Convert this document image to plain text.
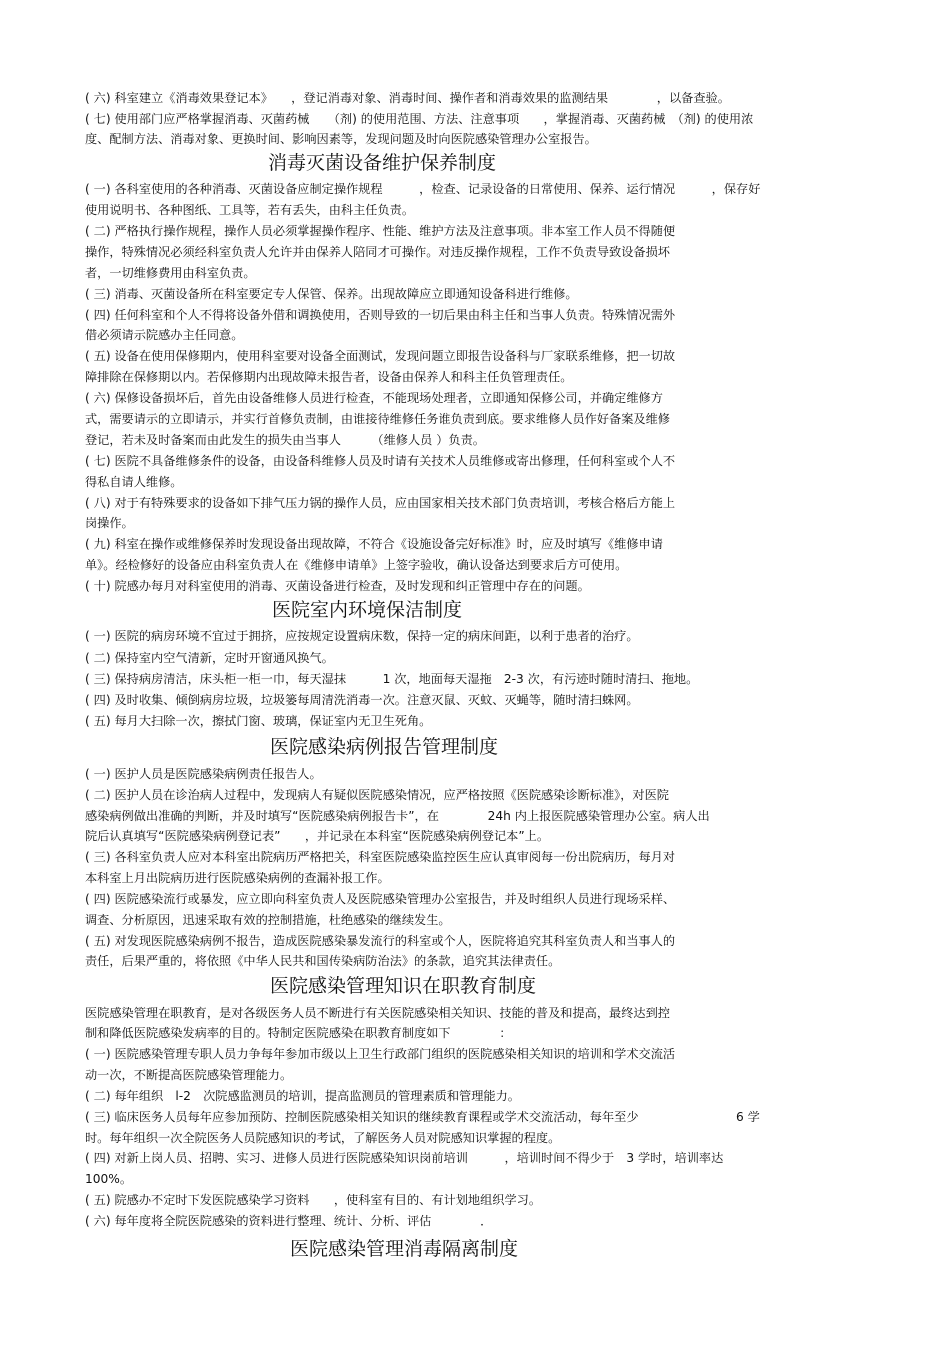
( 六) 科室建立《消毒效果登记本》　　，登记消毒对象、消毒时间、操作者和消毒效果的监测结果　　　　，以备查验。
( 七) 使用部门应严格掌握消毒、灭菌药械　　（剂) 的使用范围、方法、注意事项　　，掌握消毒、灭菌药械　（剂) 的使用浓
度、配制方法、消毒对象、更换时间、影响因素等，发现问题及时向医院感染管理办公室报告。
消毒灭菌设备维护保养制度
( 一) 各科室使用的各种消毒、灭菌设备应制定操作规程　　　，检查、记录设备的日常使用、保养、运行情况　　　，保存好
使用说明书、各种图纸、工具等，若有丢失，由科主任负责。
( 二) 严格执行操作规程，操作人员必须掌握操作程序、性能、维护方法及注意事项。非本室工作人员不得随便
操作，特殊情况必须经科室负责人允许并由保养人陪同才可操作。对违反操作规程，工作不负责导致设备损坏
者，一切维修费用由科室负责。
( 三) 消毒、灭菌设备所在科室要定专人保管、保养。出现故障应立即通知设备科进行维修。
( 四) 任何科室和个人不得将设备外借和调换使用，否则导致的一切后果由科主任和当事人负责。特殊情况需外
借必须请示院感办主任同意。
( 五) 设备在使用保修期内，使用科室要对设备全面测试，发现问题立即报告设备科与厂家联系维修，把一切故
障排除在保修期以内。若保修期内出现故障未报告者，设备由保养人和科主任负管理责任。
( 六) 保修设备损坏后，首先由设备维修人员进行检查，不能现场处理者，立即通知保修公司，并确定维修方
式，需要请示的立即请示，并实行首修负责制，由谁接待维修任务谁负责到底。要求维修人员作好备案及维修
登记，若未及时备案而由此发生的损失由当事人　　　（维修人员 ）负责。
( 七) 医院不具备维修条件的设备，由设备科维修人员及时请有关技术人员维修或寄出修理，任何科室或个人不
得私自请人维修。
( 八) 对于有特殊要求的设备如下排气压力锅的操作人员，应由国家相关技术部门负责培训，考核合格后方能上
岗操作。
( 九) 科室在操作或维修保养时发现设备出现故障，不符合《设施设备完好标准》时，应及时填写《维修申请
单》。经检修好的设备应由科室负责人在《维修申请单》上签字验收，确认设备达到要求后方可使用。
( 十) 院感办每月对科室使用的消毒、灭菌设备进行检查，及时发现和纠正管理中存在的问题。
医院室内环境保洁制度
( 一) 医院的病房环境不宜过于拥挤，应按规定设置病床数，保持一定的病床间距，以利于患者的治疗。
( 二) 保持室内空气清新，定时开窗通风换气。
( 三) 保持病房清洁，床头柜一柜一巾，每天湿抹　　　1 次，地面每天湿拖　2-3 次，有污迹时随时清扫、拖地。
( 四) 及时收集、倾倒病房垃圾，垃圾篓每周清洗消毒一次。注意灭鼠、灭蚊、灭蝇等，随时清扫蛛网。
( 五) 每月大扫除一次，擦拭门窗、玻璃，保证室内无卫生死角。
医院感染病例报告管理制度
( 一) 医护人员是医院感染病例责任报告人。
( 二) 医护人员在诊治病人过程中，发现病人有疑似医院感染情况，应严格按照《医院感染诊断标准》，对医院
感染病例做出准确的判断，并及时填写“医院感染病例报告卡”，在　　　　24h 内上报医院感染管理办公室。病人出
院后认真填写“医院感染病例登记表”　　，并记录在本科室“医院感染病例登记本”上。
( 三) 各科室负责人应对本科室出院病历严格把关，科室医院感染监控医生应认真审阅每一份出院病历，每月对
本科室上月出院病历进行医院感染病例的查漏补报工作。
( 四) 医院感染流行或暴发，应立即向科室负责人及医院感染管理办公室报告，并及时组织人员进行现场采样、
调查、分析原因，迅速采取有效的控制措施，杜绝感染的继续发生。
( 五) 对发现医院感染病例不报告，造成医院感染暴发流行的科室或个人，医院将追究其科室负责人和当事人的
责任，后果严重的，将依照《中华人民共和国传染病防治法》的条款，追究其法律责任。
医院感染管理知识在职教育制度
医院感染管理在职教育，是对各级医务人员不断进行有关医院感染相关知识、技能的普及和提高，最终达到控
制和降低医院感染发病率的目的。特制定医院感染在职教育制度如下　　　　：
( 一) 医院感染管理专职人员力争每年参加市级以上卫生行政部门组织的医院感染相关知识的培训和学术交流活
动一次，不断提高医院感染管理能力。
( 二) 每年组织　l-2　次院感监测员的培训，提高监测员的管理素质和管理能力。
( 三) 临床医务人员每年应参加预防、控制医院感染相关知识的继续教育课程或学术交流活动，每年至少　　　　　　　　6 学
时。每年组织一次全院医务人员院感知识的考试，了解医务人员对院感知识掌握的程度。
( 四) 对新上岗人员、招聘、实习、进修人员进行医院感染知识岗前培训　　　，培训时间不得少于　3 学时，培训率达
100%。
( 五) 院感办不定时下发医院感染学习资料　　，使科室有目的、有计划地组织学习。
( 六) 每年度将全院医院感染的资料进行整理、统计、分析、评估　　　　．
医院感染管理消毒隔离制度
